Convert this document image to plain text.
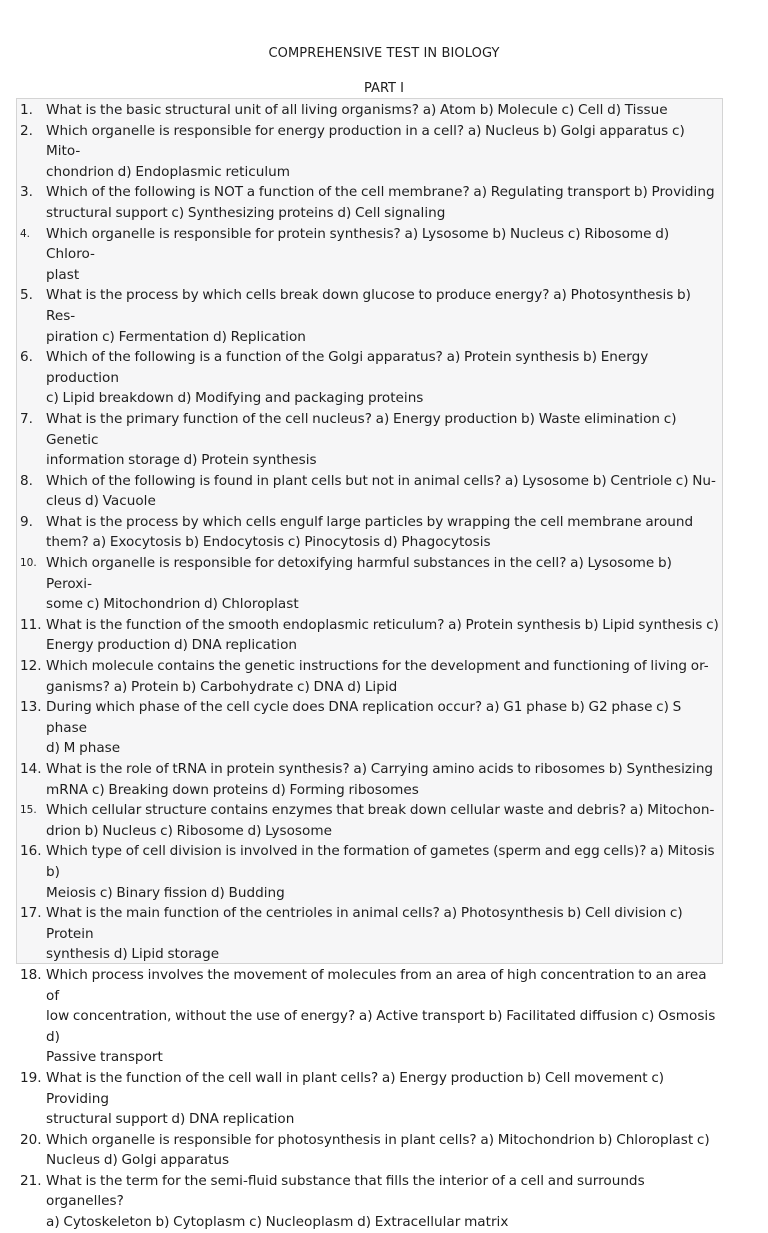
COMPREHENSIVE TEST IN BIOLOGY
PART I
1. What is the basic structural unit of all living organisms? a) Atom b) Molecule c) Cell d) Tissue
2. Which organelle is responsible for energy production in a cell? a) Nucleus b) Golgi apparatus c) Mito-
chondrion d) Endoplasmic reticulum
3. Which of the following is NOT a function of the cell membrane? a) Regulating transport b) Providing
structural support c) Synthesizing proteins d) Cell signaling
4.	Which organelle is responsible for protein synthesis? a) Lysosome b) Nucleus c) Ribosome d) Chloro-
plast
5. What is the process by which cells break down glucose to produce energy? a) Photosynthesis b) Res-
piration c) Fermentation d) Replication
6. Which of the following is a function of the Golgi apparatus? a) Protein synthesis b) Energy production
c) Lipid breakdown d) Modifying and packaging proteins
7. What is the primary function of the cell nucleus? a) Energy production b) Waste elimination c) Genetic
information storage d) Protein synthesis
8. Which of the following is found in plant cells but not in animal cells? a) Lysosome b) Centriole c) Nu-
cleus d) Vacuole
9. What is the process by which cells engulf large particles by wrapping the cell membrane around
them? a) Exocytosis b) Endocytosis c) Pinocytosis d) Phagocytosis
10. Which organelle is responsible for detoxifying harmful substances in the cell? a) Lysosome b) Peroxi-
some c) Mitochondrion d) Chloroplast
11. What is the function of the smooth endoplasmic reticulum? a) Protein synthesis b) Lipid synthesis c)
Energy production d) DNA replication
12. Which molecule contains the genetic instructions for the development and functioning of living or-
ganisms? a) Protein b) Carbohydrate c) DNA d) Lipid
13. During which phase of the cell cycle does DNA replication occur? a) G1 phase b) G2 phase c) S phase
d) M phase
14. What is the role of tRNA in protein synthesis? a) Carrying amino acids to ribosomes b) Synthesizing
mRNA c) Breaking down proteins d) Forming ribosomes
15. Which cellular structure contains enzymes that break down cellular waste and debris? a) Mitochon-
drion b) Nucleus c) Ribosome d) Lysosome
16. Which type of cell division is involved in the formation of gametes (sperm and egg cells)? a) Mitosis b)
Meiosis c) Binary fission d) Budding
17. What is the main function of the centrioles in animal cells? a) Photosynthesis b) Cell division c) Protein
synthesis d) Lipid storage
18. Which process involves the movement of molecules from an area of high concentration to an area of
low concentration, without the use of energy? a) Active transport b) Facilitated diffusion c) Osmosis d)
Passive transport
19. What is the function of the cell wall in plant cells? a) Energy production b) Cell movement c) Providing
structural support d) DNA replication
20. Which organelle is responsible for photosynthesis in plant cells? a) Mitochondrion b) Chloroplast c)
Nucleus d) Golgi apparatus
21. What is the term for the semi-fluid substance that fills the interior of a cell and surrounds organelles?
a) Cytoskeleton b) Cytoplasm c) Nucleoplasm d) Extracellular matrix
